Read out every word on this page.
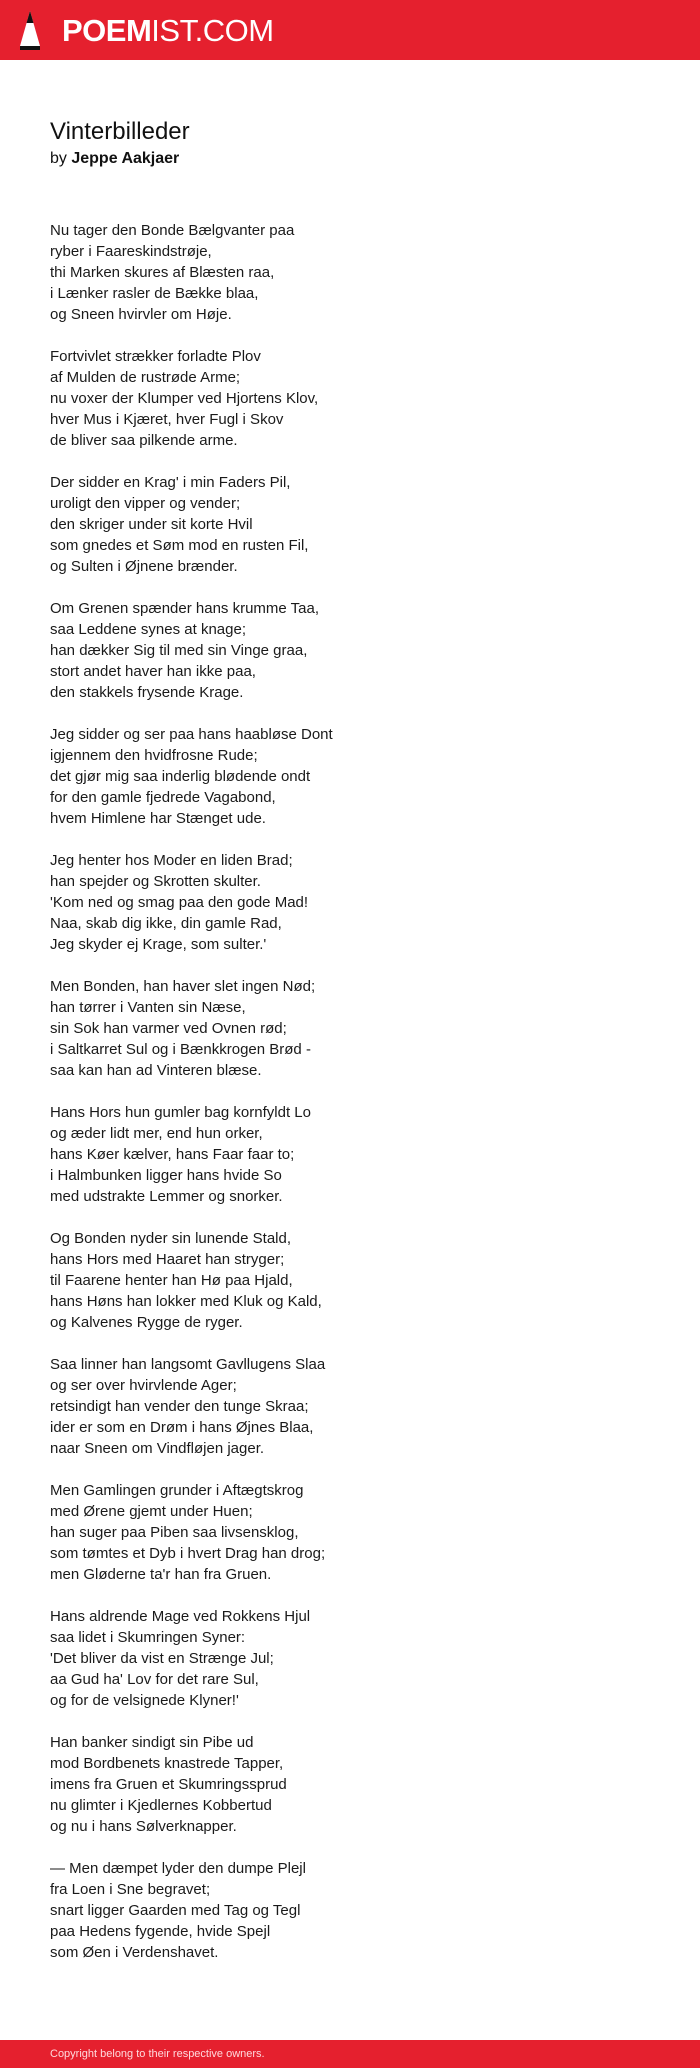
POEMIST.COM
Vinterbilleder
by Jeppe Aakjaer

Nu tager den Bonde Bælgvanter paa
ryber i Faareskindstrøje,
thi Marken skures af Blæsten raa,
i Lænker rasler de Bække blaa,
og Sneen hvirvler om Høje.

Fortvivlet strækker forladte Plov
af Mulden de rustrøde Arme;
nu voxer der Klumper ved Hjortens Klov,
hver Mus i Kjæret, hver Fugl i Skov
de bliver saa pilkende arme.

Der sidder en Krag' i min Faders Pil,
uroligt den vipper og vender;
den skriger under sit korte Hvil
som gnedes et Søm mod en rusten Fil,
og Sulten i Øjnene brænder.

Om Grenen spænder hans krumme Taa,
saa Leddene synes at knage;
han dækker Sig til med sin Vinge graa,
stort andet haver han ikke paa,
den stakkels frysende Krage.

Jeg sidder og ser paa hans haabløse Dont
igjennem den hvidfrosne Rude;
det gjør mig saa inderlig blødende ondt
for den gamle fjedrede Vagabond,
hvem Himlene har Stænget ude.

Jeg henter hos Moder en liden Brad;
han spejder og Skrotten skulter.
'Kom ned og smag paa den gode Mad!
Naa, skab dig ikke, din gamle Rad,
Jeg skyder ej Krage, som sulter.'

Men Bonden, han haver slet ingen Nød;
han tørrer i Vanten sin Næse,
sin Sok han varmer ved Ovnen rød;
i Saltkarret Sul og i Bænkkrogen Brød -
saa kan han ad Vinteren blæse.

Hans Hors hun gumler bag kornfyldt Lo
og æder lidt mer, end hun orker,
hans Køer kælver, hans Faar faar to;
i Halmbunken ligger hans hvide So
med udstrakte Lemmer og snorker.

Og Bonden nyder sin lunende Stald,
hans Hors med Haaret han stryger;
til Faarene henter han Hø paa Hjald,
hans Høns han lokker med Kluk og Kald,
og Kalvenes Rygge de ryger.

Saa linner han langsomt Gavllugens Slaa
og ser over hvirvlende Ager;
retsindigt han vender den tunge Skraa;
ider er som en Drøm i hans Øjnes Blaa,
naar Sneen om Vindfløjen jager.

Men Gamlingen grunder i Aftægtskrog
med Ørene gjemt under Huen;
han suger paa Piben saa livsensklog,
som tømtes et Dyb i hvert Drag han drog;
men Gløderne ta'r han fra Gruen.

Hans aldrende Mage ved Rokkens Hjul
saa lidet i Skumringen Syner:
'Det bliver da vist en Strænge Jul;
aa Gud ha' Lov for det rare Sul,
og for de velsignede Klyner!'

Han banker sindigt sin Pibe ud
mod Bordbenets knastrede Tapper,
imens fra Gruen et Skumringssprud
nu glimter i Kjedlernes Kobbertud
og nu i hans Sølverknapper.

— Men dæmpet lyder den dumpe Plejl
fra Loen i Sne begravet;
snart ligger Gaarden med Tag og Tegl
paa Hedens fygende, hvide Spejl
som Øen i Verdenshavet.

Copyright belong to their respective owners.
